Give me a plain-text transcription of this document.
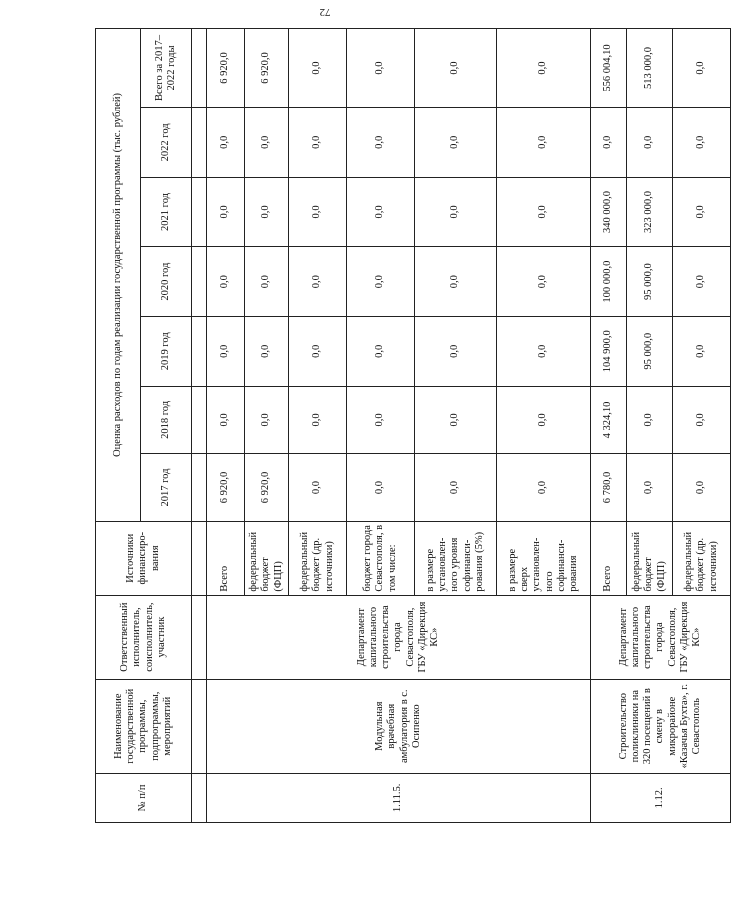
72
№ п/п	Наименование государственной программы, подпрограммы, мероприятий	Ответственный исполнитель, соисполнитель, участник	Источники финансиро-вания	Оценка расходов по годам реализации государственной программы (тыс. рублей)						
				2017 год	2018 год	2019 год	2020 год	2021 год	2022 год	Всего за 2017–2022 годы

1.11.5.	Модульная врачебная амбулатория в с. Осипенко	Департамент капитального строительства города Севастополя, ГБУ «Дирекция КС»	Всего	6 920,0	0,0	0,0	0,0	0,0	0,0	6 920,0
			федеральный бюджет (ФЦП)	6 920,0	0,0	0,0	0,0	0,0	0,0	6 920,0
			федеральный бюджет (др. источники)	0,0	0,0	0,0	0,0	0,0	0,0	0,0
			бюджет города Севастополя, в том числе:	0,0	0,0	0,0	0,0	0,0	0,0	0,0
			в размере установлен-ного уровня софинанси-рования (5%)	0,0	0,0	0,0	0,0	0,0	0,0	0,0
			в размере сверх установлен-ного софинанси-рования	0,0	0,0	0,0	0,0	0,0	0,0	0,0
1.12.	Строительство поликлиники на 320 посещений в смену в микрорайоне «Казачья Бухта», г. Севастополь	Департамент капитального строительства города Севастополя, ГБУ «Дирекция КС»	Всего	6 780,0	4 324,10	104 900,0	100 000,0	340 000,0	0,0	556 004,10
			федеральный бюджет (ФЦП)	0,0	0,0	95 000,0	95 000,0	323 000,0	0,0	513 000,0
			федеральный бюджет (др. источники)	0,0	0,0	0,0	0,0	0,0	0,0	0,0
